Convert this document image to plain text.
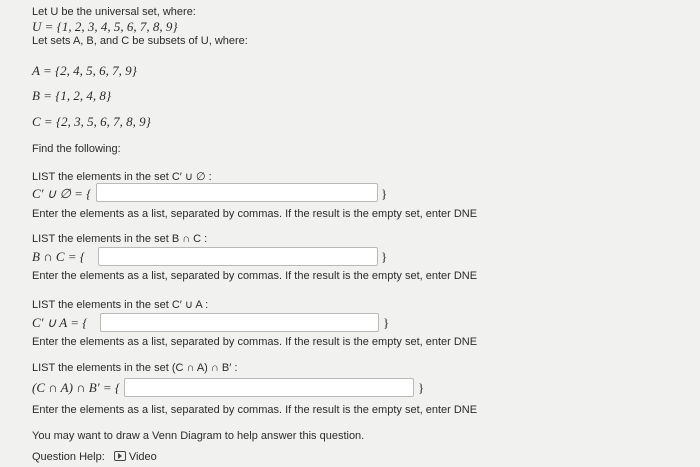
Let U be the universal set, where:
U = {1, 2, 3, 4, 5, 6, 7, 8, 9}
Let sets A, B, and C be subsets of U, where:
A = {2, 4, 5, 6, 7, 9}
B = {1, 2, 4, 8}
C = {2, 3, 5, 6, 7, 8, 9}
Find the following:
LIST the elements in the set C′ ∪ ∅ :
C′ ∪ ∅ = {	}
Enter the elements as a list, separated by commas. If the result is the empty set, enter DNE
LIST the elements in the set B ∩ C :
B ∩ C = {	}
Enter the elements as a list, separated by commas. If the result is the empty set, enter DNE
LIST the elements in the set C′ ∪ A :
C′ ∪ A = {	}
Enter the elements as a list, separated by commas. If the result is the empty set, enter DNE
LIST the elements in the set (C ∩ A) ∩ B′ :
(C ∩ A) ∩ B′ = {	}
Enter the elements as a list, separated by commas. If the result is the empty set, enter DNE
You may want to draw a Venn Diagram to help answer this question.
Question Help: Video
